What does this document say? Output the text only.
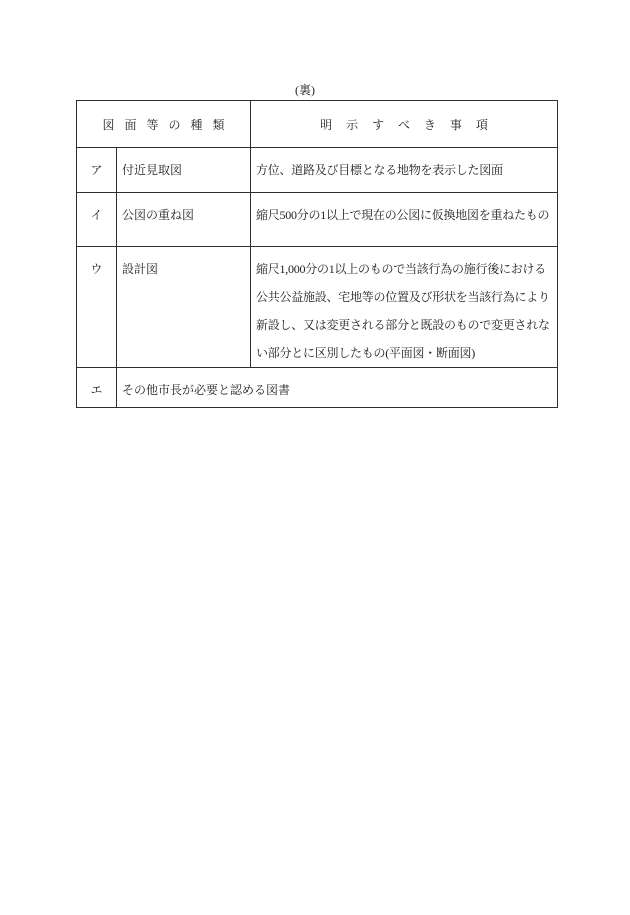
(裏)
図面等の種類		明示すべき事項
ア	付近見取図	方位、道路及び目標となる地物を表示した図面
イ	公図の重ね図	縮尺500分の1以上で現在の公図に仮換地図を重ねたもの
ウ	設計図	縮尺1,000分の1以上のもので当該行為の施行後における公共公益施設、宅地等の位置及び形状を当該行為により新設し、又は変更される部分と既設のもので変更されない部分とに区別したもの(平面図・断面図)
エ	その他市長が必要と認める図書	
